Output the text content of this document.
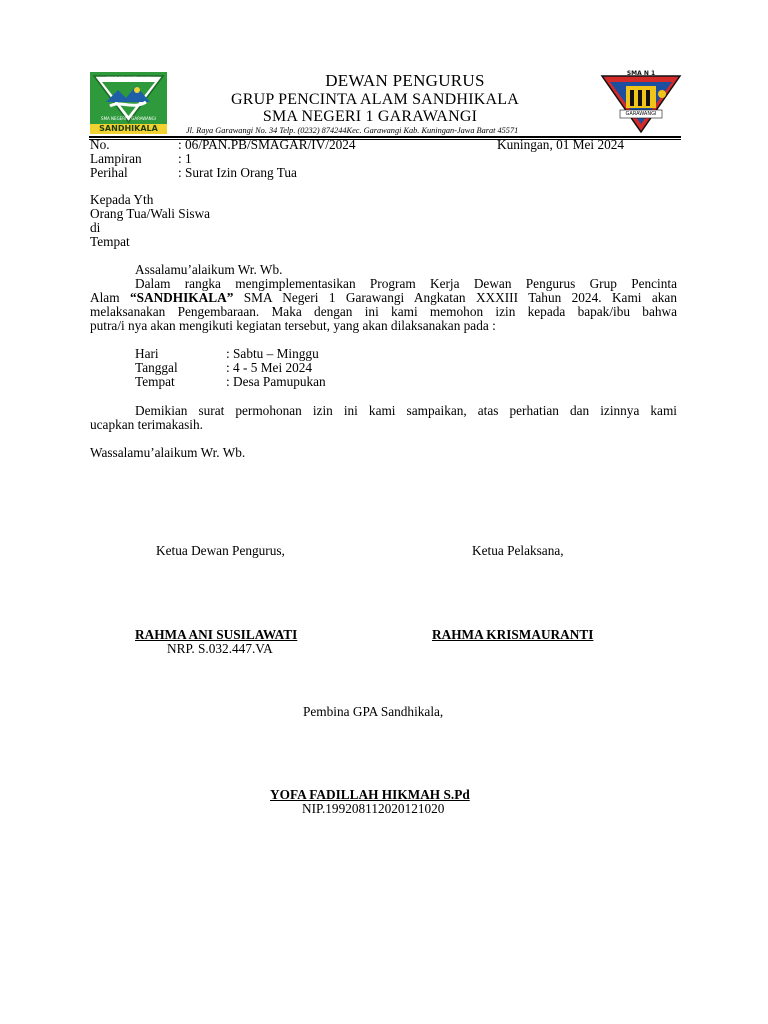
GRUP PENCINTA ALAM
SMA NEGERI 1 GARAWANGI
SANDHIKALA
DEWAN PENGURUS
GRUP PENCINTA ALAM SANDHIKALA
SMA NEGERI 1 GARAWANGI
Jl. Raya Garawangi No. 34 Telp. (0232) 874244Kec. Garawangi Kab. Kuningan-Jawa Barat 45571
SMA N 1
GARAWANGI
No.	: 06/PAN.PB/SMAGAR/IV/2024	Kuningan, 01 Mei 2024
Lampiran	: 1
Perihal	: Surat Izin Orang Tua
Kepada Yth
Orang Tua/Wali Siswa
di
Tempat
Assalamu’alaikum Wr. Wb.
Dalam rangka mengimplementasikan Program Kerja Dewan Pengurus Grup Pencinta
Alam “SANDHIKALA” SMA Negeri 1 Garawangi Angkatan XXXIII Tahun 2024. Kami akan
melaksanakan Pengembaraan. Maka dengan ini kami memohon izin kepada bapak/ibu bahwa
putra/i nya akan mengikuti kegiatan tersebut, yang akan dilaksanakan pada :
Hari	: Sabtu – Minggu
Tanggal	: 4 - 5 Mei 2024
Tempat	: Desa Pamupukan
Demikian surat permohonan izin ini kami sampaikan, atas perhatian dan izinnya kami
ucapkan terimakasih.
Wassalamu’alaikum Wr. Wb.
Ketua Dewan Pengurus,	Ketua Pelaksana,
RAHMA ANI SUSILAWATI
NRP. S.032.447.VA
RAHMA KRISMAURANTI
Pembina GPA Sandhikala,
YOFA FADILLAH HIKMAH S.Pd
NIP.199208112020121020
